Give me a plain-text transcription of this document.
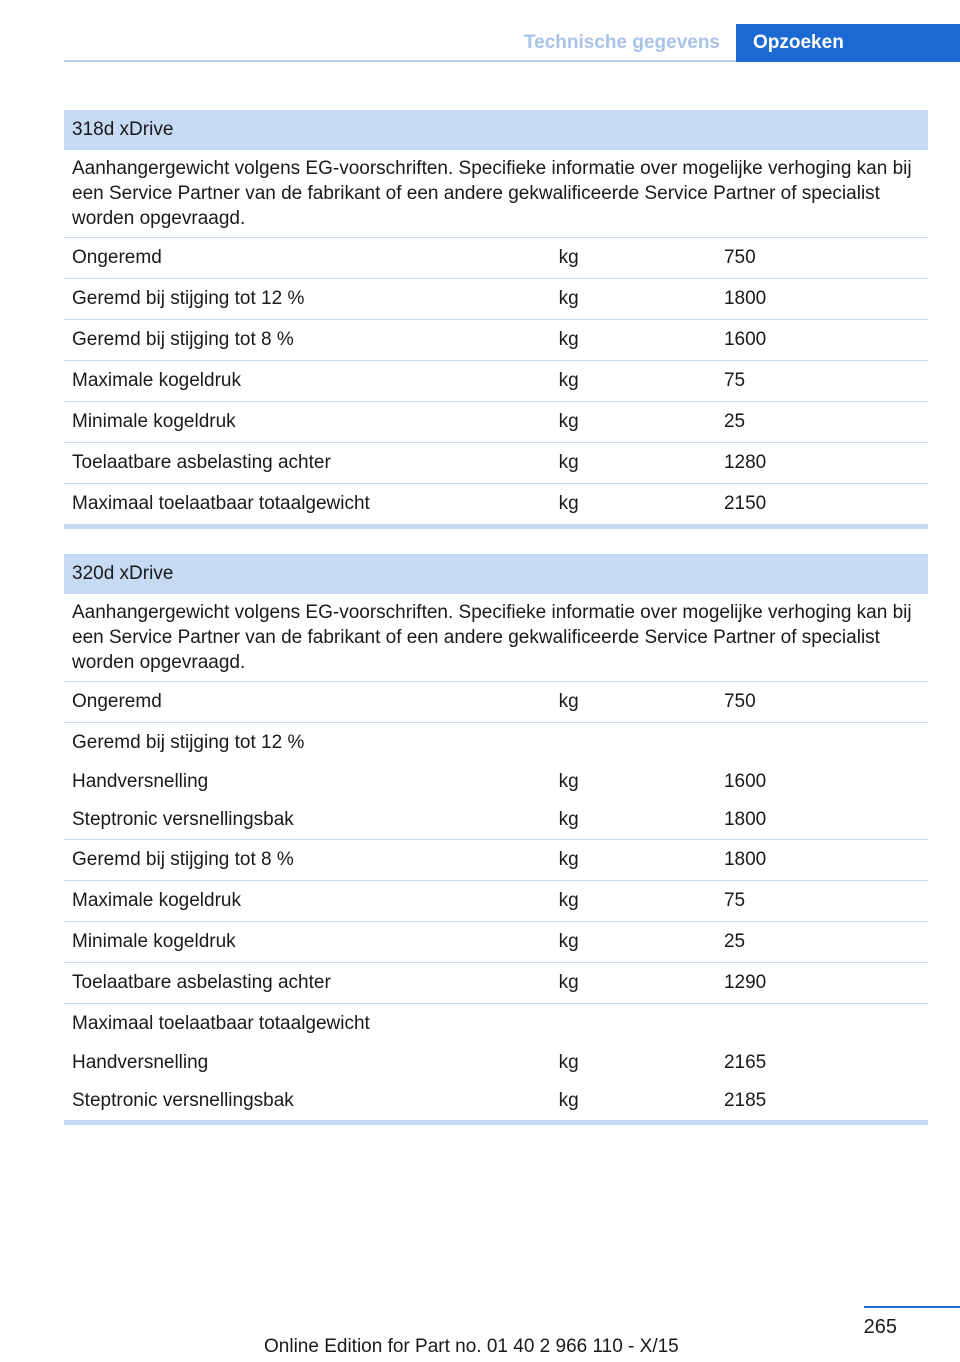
Technische gegevens	Opzoeken
318d xDrive		
Aanhangergewicht volgens EG-voorschriften. Specifieke informatie over mogelijke verhoging kan bij een Service Partner van de fabrikant of een andere gekwalificeerde Service Partner of specialist worden opgevraagd.		
Ongeremd	kg	750
Geremd bij stijging tot 12 %	kg	1800
Geremd bij stijging tot 8 %	kg	1600
Maximale kogeldruk	kg	75
Minimale kogeldruk	kg	25
Toelaatbare asbelasting achter	kg	1280
Maximaal toelaatbaar totaalgewicht	kg	2150
320d xDrive		
Aanhangergewicht volgens EG-voorschriften. Specifieke informatie over mogelijke verhoging kan bij een Service Partner van de fabrikant of een andere gekwalificeerde Service Partner of specialist worden opgevraagd.		
Ongeremd	kg	750
Geremd bij stijging tot 12 %		
Handversnelling	kg	1600
Steptronic versnellingsbak	kg	1800
Geremd bij stijging tot 8 %	kg	1800
Maximale kogeldruk	kg	75
Minimale kogeldruk	kg	25
Toelaatbare asbelasting achter	kg	1290
Maximaal toelaatbaar totaalgewicht		
Handversnelling	kg	2165
Steptronic versnellingsbak	kg	2185
265
Online Edition for Part no. 01 40 2 966 110 - X/15
